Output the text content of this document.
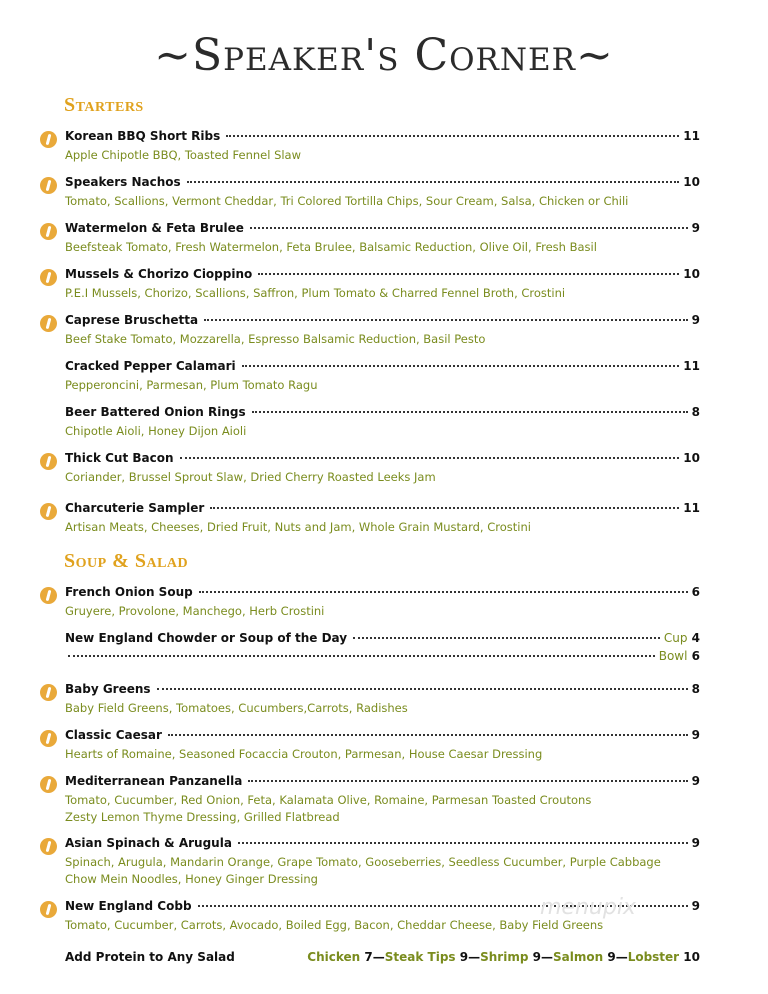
~Speaker's Corner~
Starters
Korean BBQ Short Ribs	11
Apple Chipotle BBQ, Toasted Fennel Slaw
Speakers Nachos	10
Tomato, Scallions, Vermont Cheddar, Tri Colored Tortilla Chips, Sour Cream, Salsa, Chicken or Chili
Watermelon & Feta Brulee	9
Beefsteak Tomato, Fresh Watermelon, Feta Brulee, Balsamic Reduction, Olive Oil, Fresh Basil
Mussels & Chorizo Cioppino	10
P.E.I Mussels, Chorizo, Scallions, Saffron, Plum Tomato & Charred Fennel Broth, Crostini
Caprese Bruschetta	9
Beef Stake Tomato, Mozzarella, Espresso Balsamic Reduction, Basil Pesto
Cracked Pepper Calamari	11
Pepperoncini, Parmesan, Plum Tomato Ragu
Beer Battered Onion Rings	8
Chipotle Aioli, Honey Dijon Aioli
Thick Cut Bacon	10
Coriander, Brussel Sprout Slaw, Dried Cherry Roasted Leeks Jam
Charcuterie Sampler	11
Artisan Meats, Cheeses, Dried Fruit, Nuts and Jam, Whole Grain Mustard, Crostini
Soup & Salad
French Onion Soup	6
Gruyere, Provolone, Manchego, Herb Crostini
New England Chowder or Soup of the Day	Cup 4
Bowl 6
Baby Greens	8
Baby Field Greens, Tomatoes, Cucumbers,Carrots, Radishes
Classic Caesar	9
Hearts of Romaine, Seasoned Focaccia Crouton, Parmesan, House Caesar Dressing
Mediterranean Panzanella	9
Tomato, Cucumber, Red Onion, Feta, Kalamata Olive, Romaine, Parmesan Toasted Croutons
Zesty Lemon Thyme Dressing, Grilled Flatbread
Asian Spinach & Arugula	9
Spinach, Arugula, Mandarin Orange, Grape Tomato, Gooseberries, Seedless Cucumber, Purple Cabbage
Chow Mein Noodles, Honey Ginger Dressing
New England Cobb	9
Tomato, Cucumber, Carrots, Avocado, Boiled Egg, Bacon, Cheddar Cheese, Baby Field Greens
menupix
Add Protein to Any Salad	Chicken 7—Steak Tips 9—Shrimp 9—Salmon 9—Lobster 10
